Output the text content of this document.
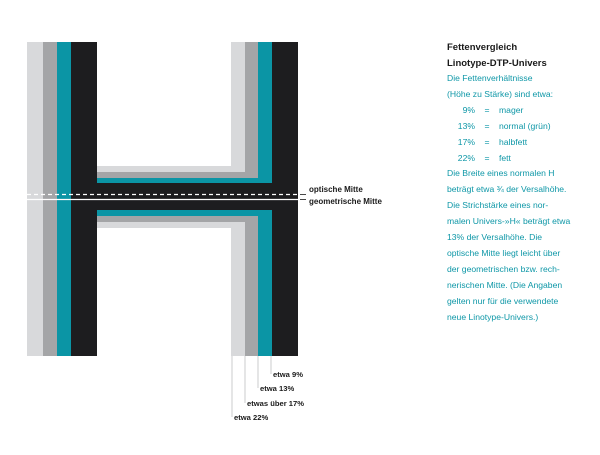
optische Mitte
geometrische Mitte
etwa 9%
etwa 13%
etwas über 17%
etwa 22%
Fettenvergleich
Linotype-DTP-Univers
Die Fettenverhältnisse
(Höhe zu Stärke) sind etwa:
9%	=	mager
13%	=	normal (grün)
17%	=	halbfett
22%	=	fett
Die Breite eines normalen H
beträgt etwa ¾ der Versalhöhe.
Die Strichstärke eines nor-
malen Univers-»H« beträgt etwa
13% der Versalhöhe. Die
optische Mitte liegt leicht über
der geometrischen bzw. rech-
nerischen Mitte. (Die Angaben
gelten nur für die verwendete
neue Linotype-Univers.)
